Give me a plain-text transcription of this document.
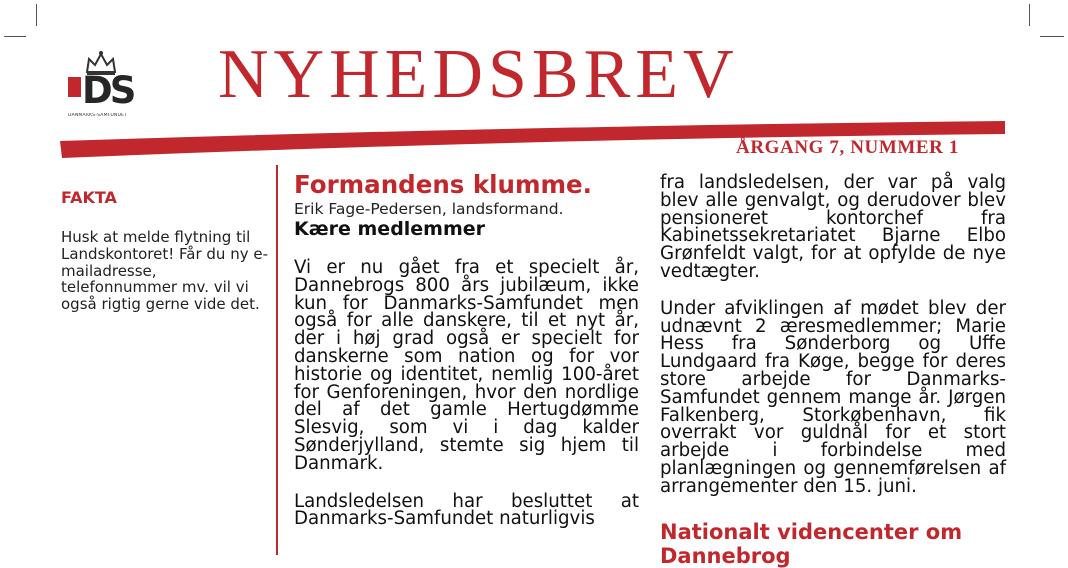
DS
DANMARKS-SAMFUNDET
NYHEDSBREV
ÅRGANG 7, NUMMER 1
FAKTA

Husk at melde flytning til Landskontoret! Får du ny e-mailadresse, telefonnummer mv. vil vi også rigtig gerne vide det.

Formandens klumme.

Erik Fage-Pedersen, landsformand.

Kære medlemmer

Vi er nu gået fra et specielt år, Dannebrogs 800 års jubilæum, ikke kun for Danmarks-Samfundet men også for alle danskere, til et nyt år, der i høj grad også er specielt for danskerne som nation og for vor historie og identitet, nemlig 100-året for Genforeningen, hvor den nordlige del af det gamle Hertugdømme Slesvig, som vi i dag kalder Sønderjylland, stemte sig hjem til Danmark.

Landsledelsen har besluttet at Danmarks-Samfundet naturligvis

fra landsledelsen, der var på valg blev alle genvalgt, og derudover blev pensioneret kontorchef fra Kabinetssekretariatet Bjarne Elbo Grønfeldt valgt, for at opfylde de nye vedtægter.

Under afviklingen af mødet blev der udnævnt 2 æresmedlemmer; Marie Hess fra Sønderborg og Uffe Lundgaard fra Køge, begge for deres store arbejde for Danmarks-Samfundet gennem mange år. Jørgen Falkenberg, Storkøbenhavn, fik overrakt vor guldnål for et stort arbejde i forbindelse med planlægningen og gennemførelsen af arrangementer den 15. juni.

Nationalt videncenter om Dannebrog
